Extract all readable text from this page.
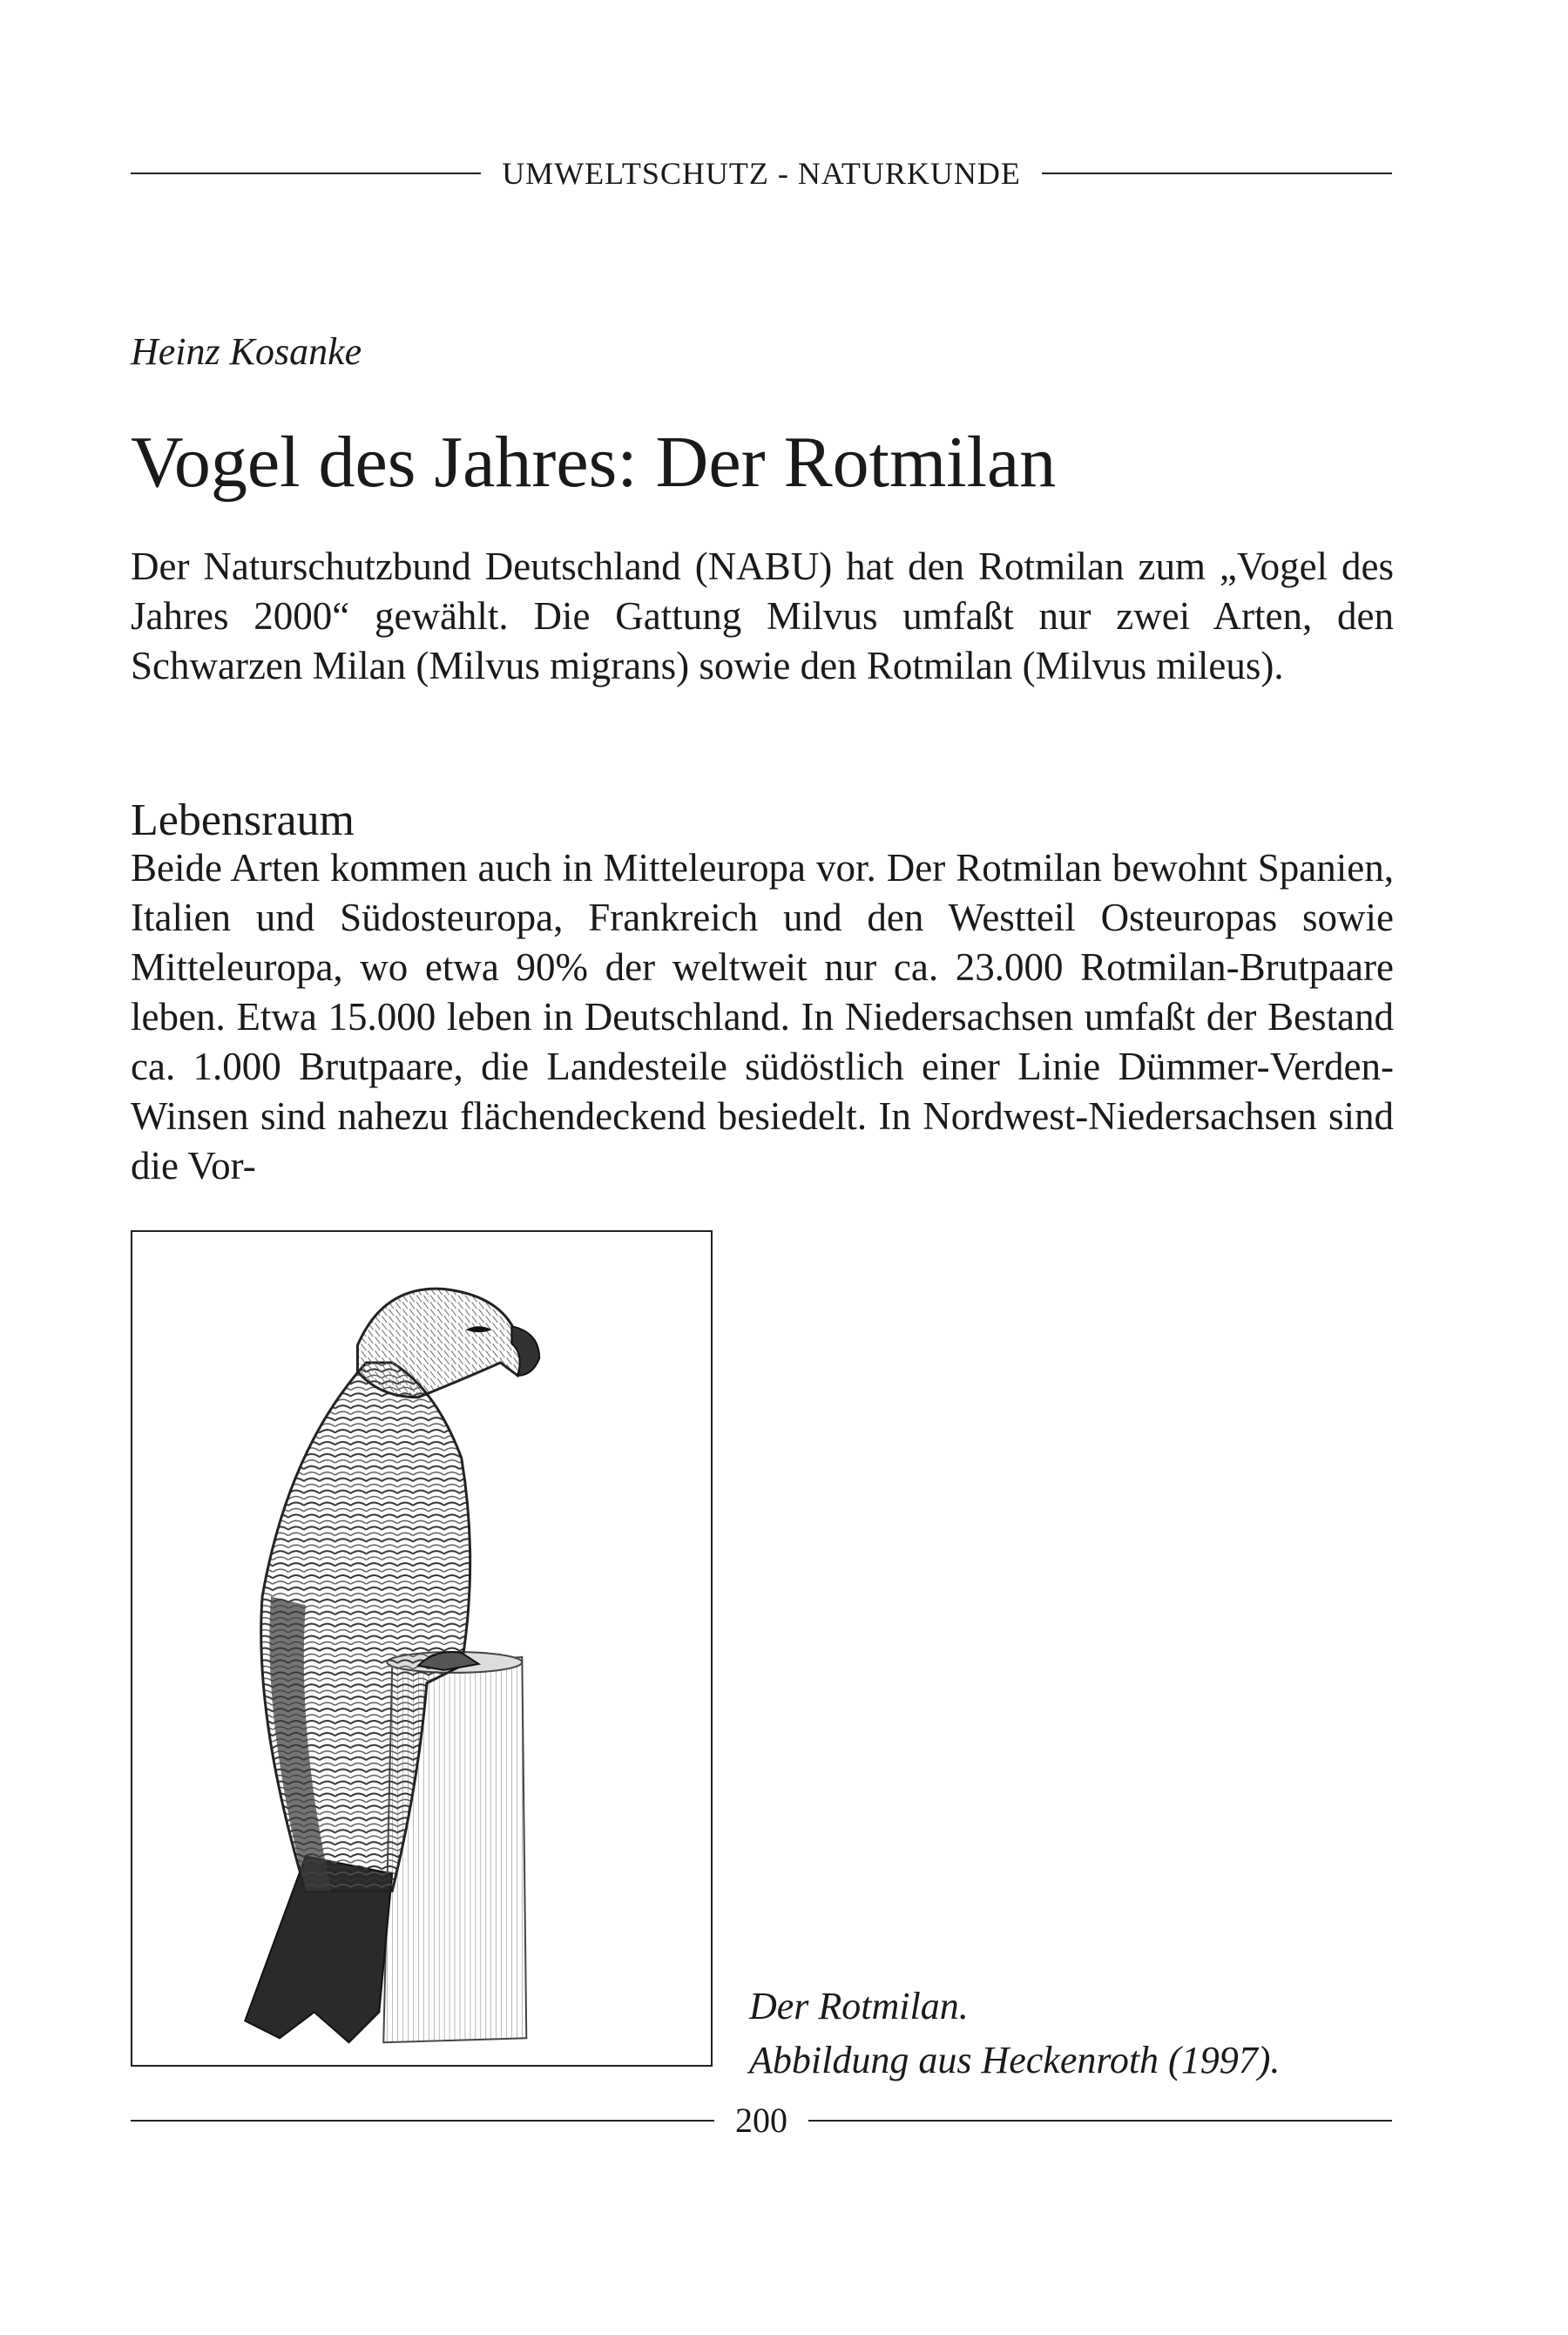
UMWELTSCHUTZ - NATURKUNDE
Heinz Kosanke
Vogel des Jahres: Der Rotmilan

Der Naturschutzbund Deutschland (NABU) hat den Rotmilan zum „Vogel des Jahres 2000“ gewählt. Die Gattung Milvus umfaßt nur zwei Arten, den Schwarzen Milan (Milvus migrans) sowie den Rotmilan (Milvus mileus).

Lebensraum

Beide Arten kommen auch in Mitteleuropa vor. Der Rotmilan bewohnt Spanien, Italien und Südosteuropa, Frankreich und den Westteil Osteuropas sowie Mitteleuropa, wo etwa 90% der weltweit nur ca. 23.000 Rotmilan-Brutpaare leben. Etwa 15.000 leben in Deutschland. In Niedersachsen umfaßt der Bestand ca. 1.000 Brutpaare, die Landesteile südöstlich einer Linie Dümmer-Verden-Winsen sind nahezu flächendeckend besiedelt. In Nordwest-Niedersachsen sind die Vor-

Der Rotmilan.
Abbildung aus Heckenroth (1997).
200
